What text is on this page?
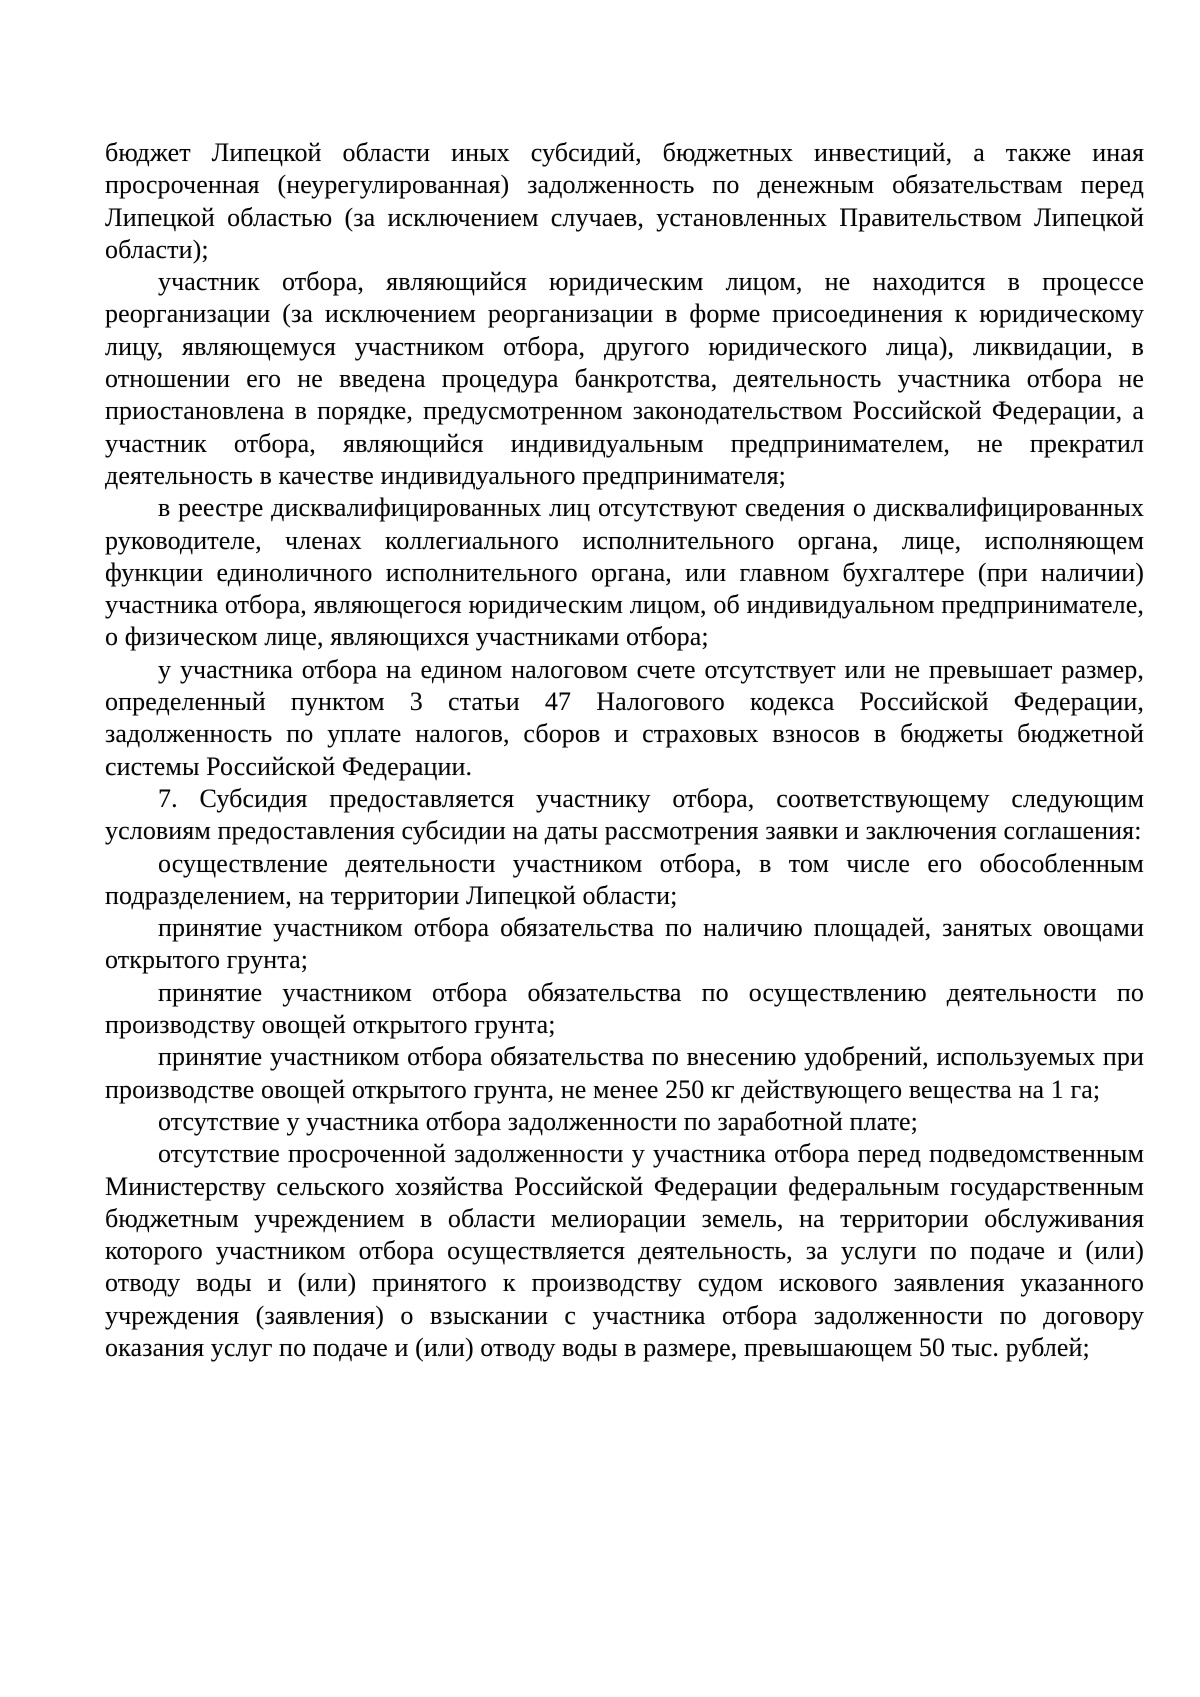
бюджет Липецкой области иных субсидий, бюджетных инвестиций, а также иная просроченная (неурегулированная) задолженность по денежным обязательствам перед Липецкой областью (за исключением случаев, установленных Правительством Липецкой области);

участник отбора, являющийся юридическим лицом, не находится в процессе реорганизации (за исключением реорганизации в форме присоединения к юридическому лицу, являющемуся участником отбора, другого юридического лица), ликвидации, в отношении его не введена процедура банкротства, деятельность участника отбора не приостановлена в порядке, предусмотренном законодательством Российской Федерации, а участник отбора, являющийся индивидуальным предпринимателем, не прекратил деятельность в качестве индивидуального предпринимателя;

в реестре дисквалифицированных лиц отсутствуют сведения о дисквалифицированных руководителе, членах коллегиального исполнительного органа, лице, исполняющем функции единоличного исполнительного органа, или главном бухгалтере (при наличии) участника отбора, являющегося юридическим лицом, об индивидуальном предпринимателе, о физическом лице, являющихся участниками отбора;

у участника отбора на едином налоговом счете отсутствует или не превышает размер, определенный пунктом 3 статьи 47 Налогового кодекса Российской Федерации, задолженность по уплате налогов, сборов и страховых взносов в бюджеты бюджетной системы Российской Федерации.

7. Субсидия предоставляется участнику отбора, соответствующему следующим условиям предоставления субсидии на даты рассмотрения заявки и заключения соглашения:

осуществление деятельности участником отбора, в том числе его обособленным подразделением, на территории Липецкой области;

принятие участником отбора обязательства по наличию площадей, занятых овощами открытого грунта;

принятие участником отбора обязательства по осуществлению деятельности по производству овощей открытого грунта;

принятие участником отбора обязательства по внесению удобрений, используемых при производстве овощей открытого грунта, не менее 250 кг действующего вещества на 1 га;

отсутствие у участника отбора задолженности по заработной плате;

отсутствие просроченной задолженности у участника отбора перед подведомственным Министерству сельского хозяйства Российской Федерации федеральным государственным бюджетным учреждением в области мелиорации земель, на территории обслуживания которого участником отбора осуществляется деятельность, за услуги по подаче и (или) отводу воды и (или) принятого к производству судом искового заявления указанного учреждения (заявления) о взыскании с участника отбора задолженности по договору оказания услуг по подаче и (или) отводу воды в размере, превышающем 50 тыс. рублей;
